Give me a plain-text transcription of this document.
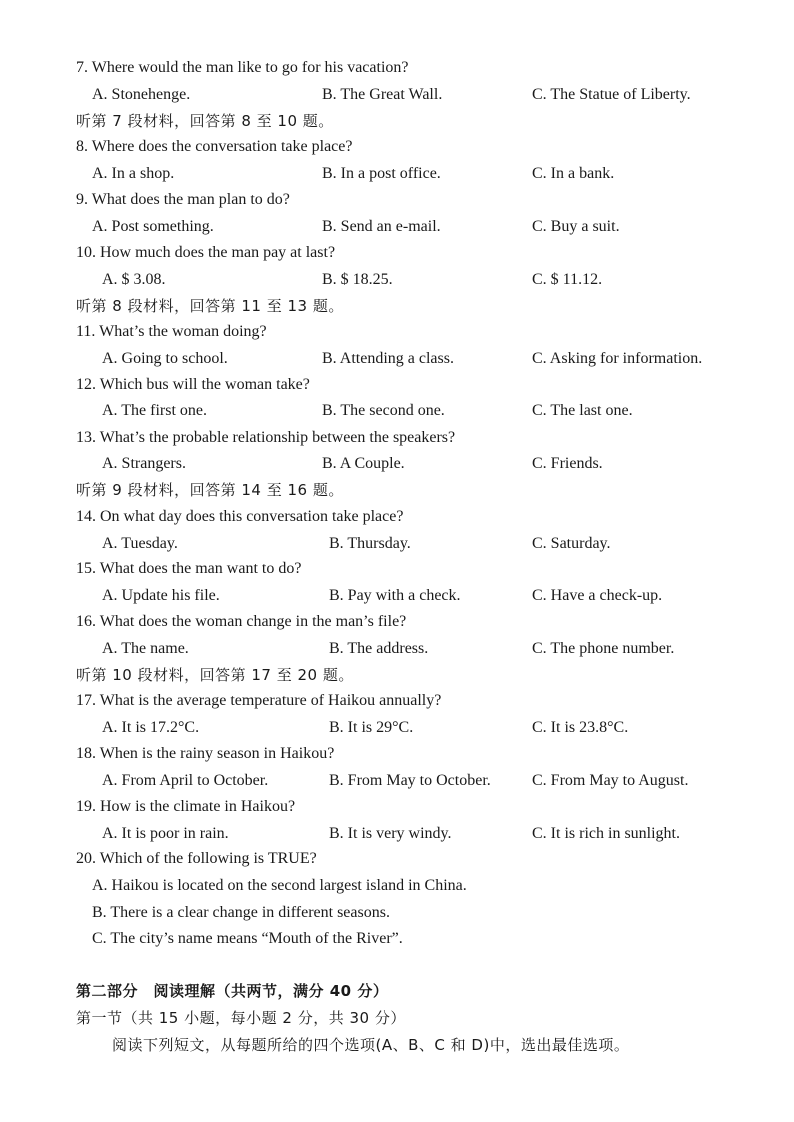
7. Where would the man like to go for his vacation?
A. Stonehenge.	B. The Great Wall.	C. The Statue of Liberty.
听第 7 段材料，回答第 8 至 10 题。
8. Where does the conversation take place?
A. In a shop.	B. In a post office.	C. In a bank.
9. What does the man plan to do?
A. Post something.	B. Send an e-mail.	C. Buy a suit.
10. How much does the man pay at last?
A. $ 3.08.	B. $ 18.25.	C. $ 11.12.
听第 8 段材料，回答第 11 至 13 题。
11. What’s the woman doing?
A. Going to school.	B. Attending a class.	C. Asking for information.
12. Which bus will the woman take?
A. The first one.	B. The second one.	C. The last one.
13. What’s the probable relationship between the speakers?
A. Strangers.	B. A Couple.	C. Friends.
听第 9 段材料，回答第 14 至 16 题。
14. On what day does this conversation take place?
A. Tuesday.	B. Thursday.	C. Saturday.
15. What does the man want to do?
A. Update his file.	B. Pay with a check.	C. Have a check-up.
16. What does the woman change in the man’s file?
A. The name.	B. The address.	C. The phone number.
听第 10 段材料，回答第 17 至 20 题。
17. What is the average temperature of Haikou annually?
A. It is 17.2°C.	B. It is 29°C.	C. It is 23.8°C.
18. When is the rainy season in Haikou?
A. From April to October.	B. From May to October.	C. From May to August.
19. How is the climate in Haikou?
A. It is poor in rain.	B. It is very windy.	C. It is rich in sunlight.
20. Which of the following is TRUE?
A. Haikou is located on the second largest island in China.
B. There is a clear change in different seasons.
C. The city’s name means “Mouth of the River”.
第二部分　阅读理解（共两节，满分 40 分）
第一节（共 15 小题，每小题 2 分，共 30 分）
阅读下列短文，从每题所给的四个选项(A、B、C 和 D)中，选出最佳选项。
